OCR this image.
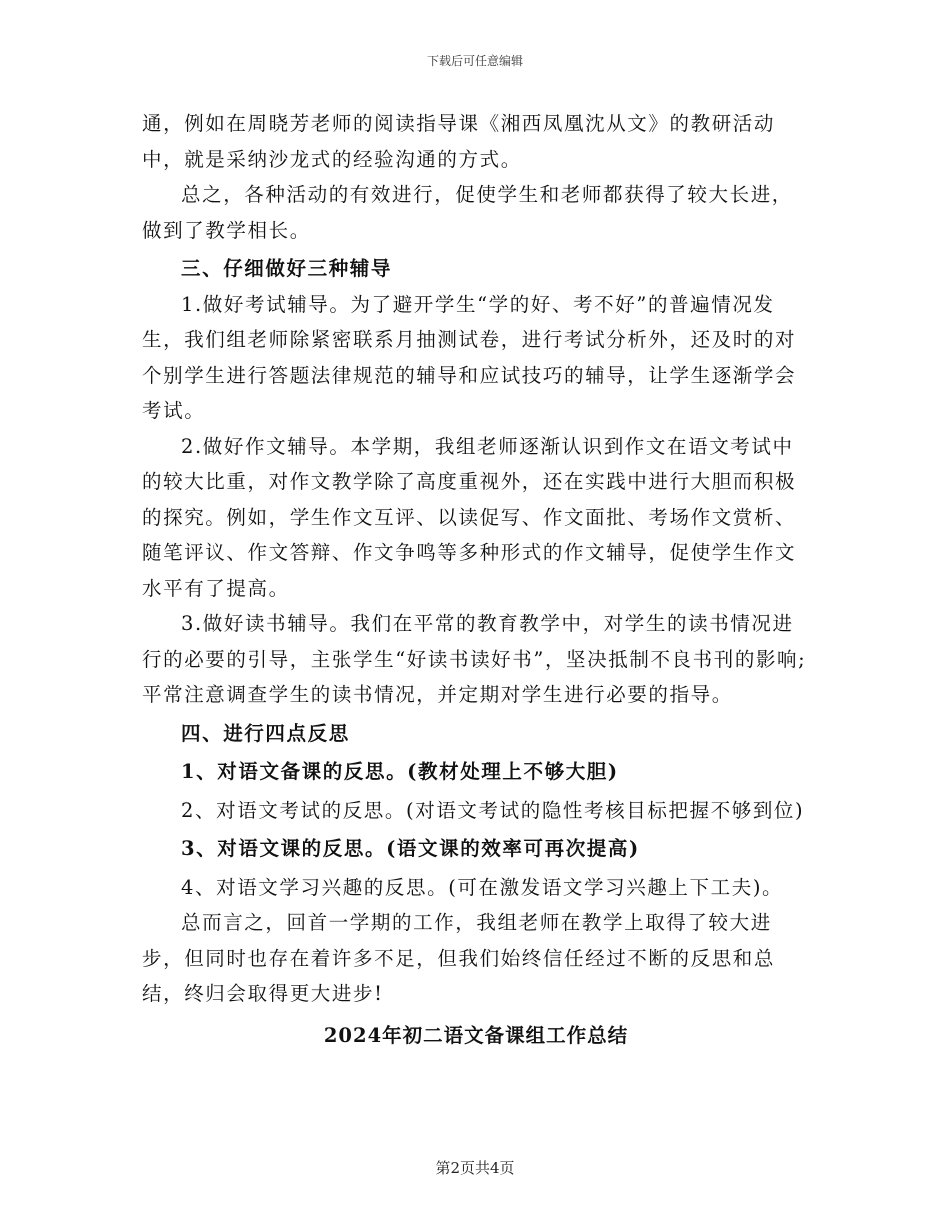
下载后可任意编辑

通，例如在周晓芳老师的阅读指导课《湘西凤凰沈从文》的教研活动中，就是采纳沙龙式的经验沟通的方式。

总之，各种活动的有效进行，促使学生和老师都获得了较大长进，做到了教学相长。

三、仔细做好三种辅导

1.做好考试辅导。为了避开学生“学的好、考不好”的普遍情况发生，我们组老师除紧密联系月抽测试卷，进行考试分析外，还及时的对个别学生进行答题法律规范的辅导和应试技巧的辅导，让学生逐渐学会考试。

2.做好作文辅导。本学期，我组老师逐渐认识到作文在语文考试中的较大比重，对作文教学除了高度重视外，还在实践中进行大胆而积极的探究。例如，学生作文互评、以读促写、作文面批、考场作文赏析、随笔评议、作文答辩、作文争鸣等多种形式的作文辅导，促使学生作文水平有了提高。

3.做好读书辅导。我们在平常的教育教学中，对学生的读书情况进行的必要的引导，主张学生“好读书读好书”，坚决抵制不良书刊的影响;平常注意调查学生的读书情况，并定期对学生进行必要的指导。

四、进行四点反思

1、对语文备课的反思。(教材处理上不够大胆)

2、对语文考试的反思。(对语文考试的隐性考核目标把握不够到位)

3、对语文课的反思。(语文课的效率可再次提高)

4、对语文学习兴趣的反思。(可在激发语文学习兴趣上下工夫)。

总而言之，回首一学期的工作，我组老师在教学上取得了较大进步，但同时也存在着许多不足，但我们始终信任经过不断的反思和总结，终归会取得更大进步!

2024年初二语文备课组工作总结

第2页共4页
